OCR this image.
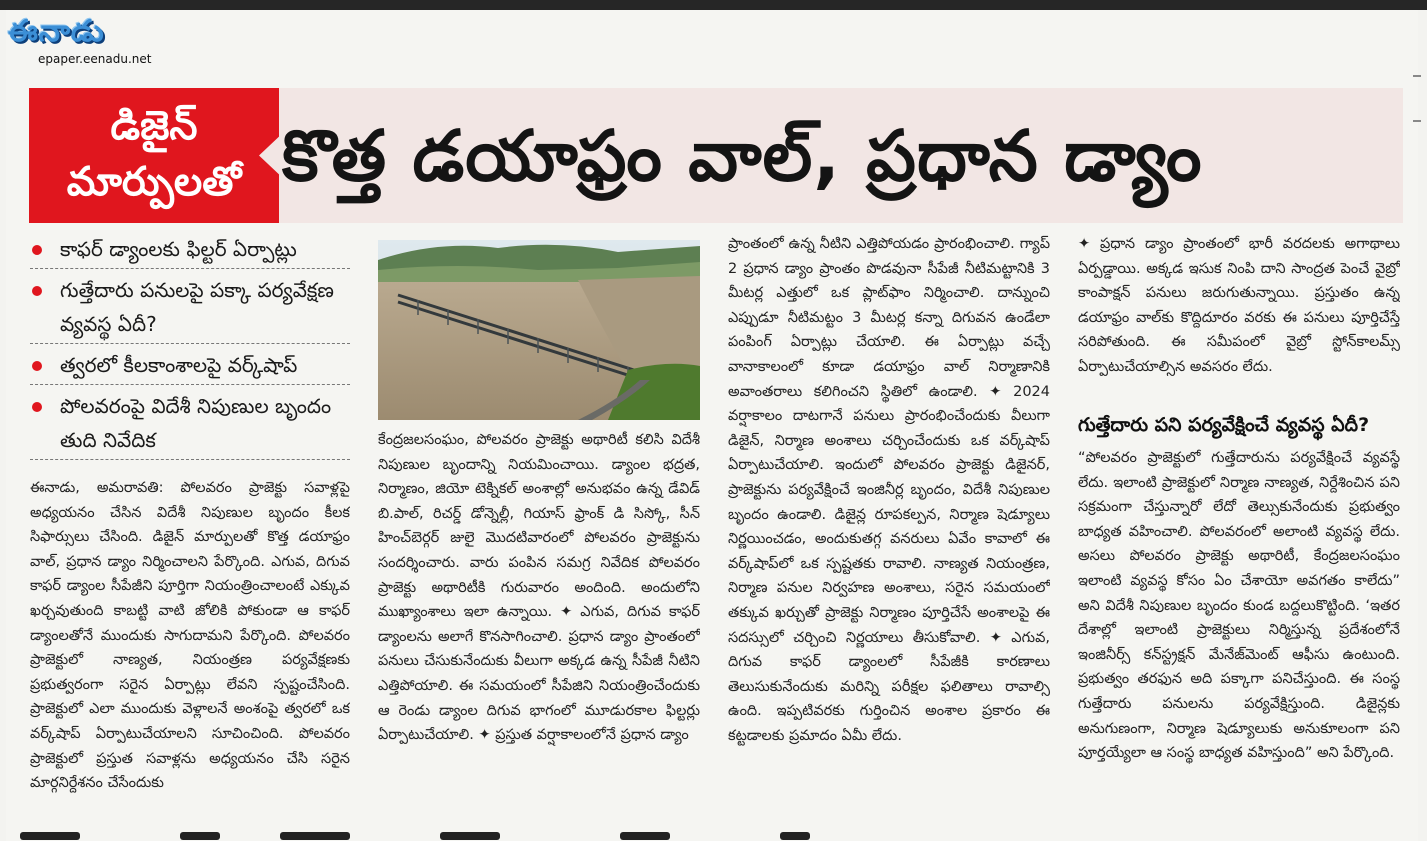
ఈనాడు
epaper.eenadu.net
డిజైన్
మార్పులతో కొత్త డయాఫ్రం వాల్, ప్రధాన డ్యాం
కాఫర్ డ్యాంలకు ఫిల్టర్ ఏర్పాట్లు
గుత్తేదారు పనులపై పక్కా పర్యవేక్షణ వ్యవస్థ ఏదీ?
త్వరలో కీలకాంశాలపై వర్క్‌షాప్
పోలవరంపై విదేశీ నిపుణుల బృందం తుది నివేదిక

ఈనాడు, అమరావతి: పోలవరం ప్రాజెక్టు సవాళ్లపై అధ్యయనం చేసిన విదేశీ నిపుణుల బృందం కీలక సిఫార్సులు చేసింది. డిజైన్ మార్పులతో కొత్త డయాఫ్రం వాల్, ప్రధాన డ్యాం నిర్మించాలని పేర్కొంది. ఎగువ, దిగువ కాఫర్ డ్యాంల సీపేజీని పూర్తిగా నియంత్రించాలంటే ఎక్కువ ఖర్చవుతుంది కాబట్టి వాటి జోలికి పోకుండా ఆ కాఫర్ డ్యాంలతోనే ముందుకు సాగుదామని పేర్కొంది. పోలవరం ప్రాజెక్టులో నాణ్యత, నియంత్రణ పర్యవేక్షణకు ప్రభుత్వరంగా సరైన ఏర్పాట్లు లేవని స్పష్టంచేసింది. ప్రాజెక్టులో ఎలా ముందుకు వెళ్లాలనే అంశంపై త్వరలో ఒక వర్క్‌షాప్ ఏర్పాటుచేయాలని సూచించింది. పోలవరం ప్రాజెక్టులో ప్రస్తుత సవాళ్లను అధ్యయనం చేసి సరైన మార్గనిర్దేశనం చేసేందుకు

కేంద్రజలసంఘం, పోలవరం ప్రాజెక్టు అథారిటీ కలిసి విదేశీ నిపుణుల బృందాన్ని నియమించాయి. డ్యాంల భద్రత, నిర్మాణం, జియో టెక్నికల్ అంశాల్లో అనుభవం ఉన్న డేవిడ్ బి.పాల్, రిచర్డ్ డోన్నెల్లీ, గియాస్ ఫ్రాంక్ డి సిస్కో, సీన్ హించ్‌బెర్గర్ జులై మొదటివారంలో పోలవరం ప్రాజెక్టును సందర్శించారు. వారు పంపిన సమగ్ర నివేదిక పోలవరం ప్రాజెక్టు అథారిటీకి గురువారం అందింది. అందులోని ముఖ్యాంశాలు ఇలా ఉన్నాయి. ✦ ఎగువ, దిగువ కాఫర్ డ్యాంలను అలాగే కొనసాగించాలి. ప్రధాన డ్యాం ప్రాంతంలో పనులు చేసుకునేందుకు వీలుగా అక్కడ ఉన్న సీపేజీ నీటిని ఎత్తిపోయాలి. ఈ సమయంలో సీపేజిని నియంత్రించేందుకు ఆ రెండు డ్యాంల దిగువ భాగంలో మూడురకాల ఫిల్టర్లు ఏర్పాటుచేయాలి. ✦ ప్రస్తుత వర్షాకాలంలోనే ప్రధాన డ్యాం

ప్రాంతంలో ఉన్న నీటిని ఎత్తిపోయడం ప్రారంభించాలి. గ్యాప్ 2 ప్రధాన డ్యాం ప్రాంతం పొడవునా సీపేజీ నీటిమట్టానికి 3 మీటర్ల ఎత్తులో ఒక ప్లాట్‌ఫాం నిర్మించాలి. దాన్నుంచి ఎప్పుడూ నీటిమట్టం 3 మీటర్ల కన్నా దిగువన ఉండేలా పంపింగ్ ఏర్పాట్లు చేయాలి. ఈ ఏర్పాట్లు వచ్చే వానాకాలంలో కూడా డయాఫ్రం వాల్ నిర్మాణానికి అవాంతరాలు కలిగించని స్థితిలో ఉండాలి. ✦ 2024 వర్షాకాలం దాటగానే పనులు ప్రారంభించేందుకు వీలుగా డిజైన్, నిర్మాణ అంశాలు చర్చించేందుకు ఒక వర్క్‌షాప్ ఏర్పాటుచేయాలి. ఇందులో పోలవరం ప్రాజెక్టు డిజైనర్, ప్రాజెక్టును పర్యవేక్షించే ఇంజినీర్ల బృందం, విదేశీ నిపుణుల బృందం ఉండాలి. డిజైన్ల రూపకల్పన, నిర్మాణ షెడ్యూలు నిర్ణయించడం, అందుకుతగ్గ వనరులు ఏవేం కావాలో ఈ వర్క్‌షాప్‌లో ఒక స్పష్టతకు రావాలి. నాణ్యత నియంత్రణ, నిర్మాణ పనుల నిర్వహణ అంశాలు, సరైన సమయంలో తక్కువ ఖర్చుతో ప్రాజెక్టు నిర్మాణం పూర్తిచేసే అంశాలపై ఈ సదస్సులో చర్చించి నిర్ణయాలు తీసుకోవాలి. ✦ ఎగువ, దిగువ కాఫర్ డ్యాంలలో సీపేజీకి కారణాలు తెలుసుకునేందుకు మరిన్ని పరీక్షల ఫలితాలు రావాల్సి ఉంది. ఇప్పటివరకు గుర్తించిన అంశాల ప్రకారం ఈ కట్టడాలకు ప్రమాదం ఏమీ లేదు.

✦ ప్రధాన డ్యాం ప్రాంతంలో భారీ వరదలకు అగాథాలు ఏర్పడ్డాయి. అక్కడ ఇసుక నింపి దాని సాంద్రత పెంచే వైబ్రో కాంపాక్షన్ పనులు జరుగుతున్నాయి. ప్రస్తుతం ఉన్న డయాఫ్రం వాల్‌కు కొద్దిదూరం వరకు ఈ పనులు పూర్తిచేస్తే సరిపోతుంది. ఈ సమీపంలో వైబ్రో స్టోన్‌కాలమ్స్ ఏర్పాటుచేయాల్సిన అవసరం లేదు.

గుత్తేదారు పని పర్యవేక్షించే వ్యవస్థ ఏదీ?

“పోలవరం ప్రాజెక్టులో గుత్తేదారును పర్యవేక్షించే వ్యవస్థే లేదు. ఇలాంటి ప్రాజెక్టులో నిర్మాణ నాణ్యత, నిర్దేశించిన పని సక్రమంగా చేస్తున్నారో లేదో తెల్సుకునేందుకు ప్రభుత్వం బాధ్యత వహించాలి. పోలవరంలో అలాంటి వ్యవస్థ లేదు. అసలు పోలవరం ప్రాజెక్టు అథారిటీ, కేంద్రజలసంఘం ఇలాంటి వ్యవస్థ కోసం ఏం చేశాయో అవగతం కాలేదు” అని విదేశీ నిపుణుల బృందం కుండ బద్దలుకొట్టింది. ‘ఇతర దేశాల్లో ఇలాంటి ప్రాజెక్టులు నిర్మిస్తున్న ప్రదేశంలోనే ఇంజినీర్స్ కన్‌స్ట్రక్షన్ మేనేజ్‌మెంట్ ఆఫీసు ఉంటుంది. ప్రభుత్వం తరఫున అది పక్కాగా పనిచేస్తుంది. ఈ సంస్థ గుత్తేదారు పనులను పర్యవేక్షిస్తుంది. డిజైన్లకు అనుగుణంగా, నిర్మాణ షెడ్యూలుకు అనుకూలంగా పని పూర్తయ్యేలా ఆ సంస్థ బాధ్యత వహిస్తుంది” అని పేర్కొంది.
